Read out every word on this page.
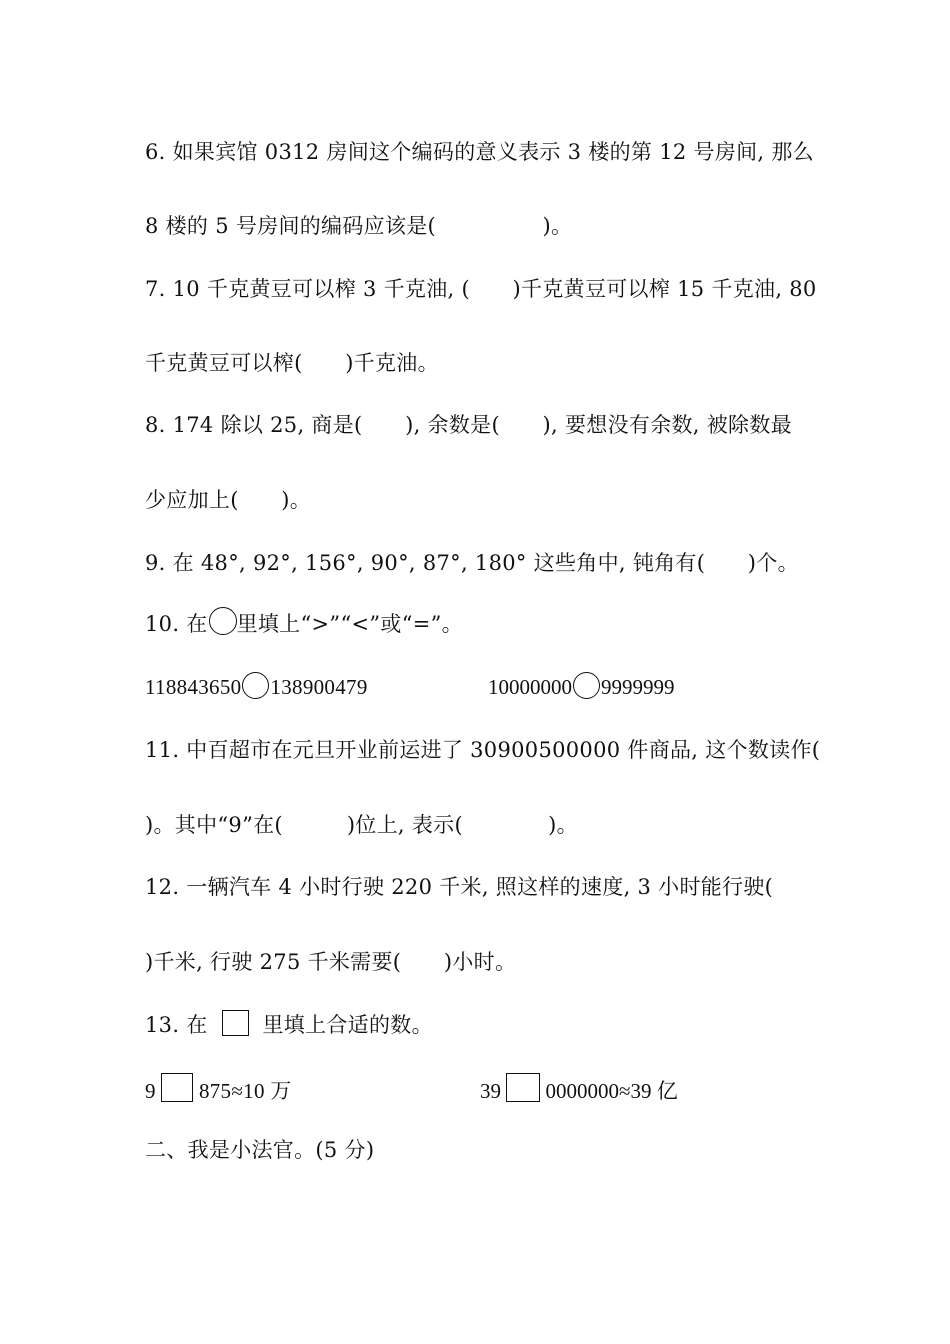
6. 如果宾馆 0312 房间这个编码的意义表示 3 楼的第 12 号房间, 那么
8 楼的 5 号房间的编码应该是(　　　　　)。
7. 10 千克黄豆可以榨 3 千克油, (　　)千克黄豆可以榨 15 千克油, 80
千克黄豆可以榨(　　)千克油。
8. 174 除以 25, 商是(　　), 余数是(　　), 要想没有余数, 被除数最
少应加上(　　)。
9. 在 48°, 92°, 156°, 90°, 87°, 180° 这些角中, 钝角有(　　)个。
10. 在 里填上“>”“<”或“=”。
118843650 138900479	10000000 9999999
11. 中百超市在元旦开业前运进了 30900500000 件商品, 这个数读作(
)。其中“9”在(　　　)位上, 表示(　　　　)。
12. 一辆汽车 4 小时行驶 220 千米, 照这样的速度, 3 小时能行驶(
)千米, 行驶 275 千米需要(　　)小时。
13. 在	里填上合适的数。
9 875≈10 万	39 0000000≈39 亿
二、我是小法官。(5 分)
